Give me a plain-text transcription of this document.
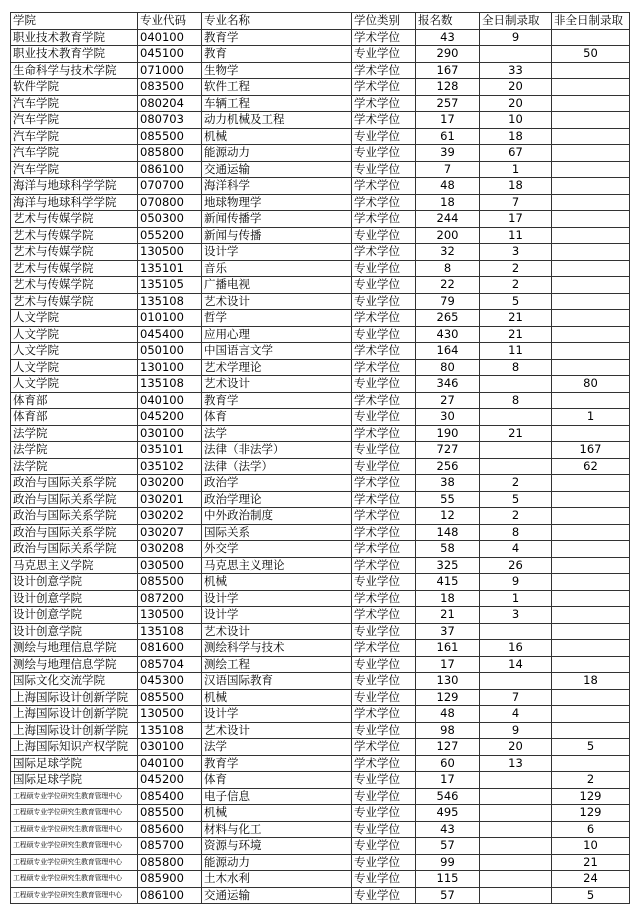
学院	专业代码	专业名称	学位类别	报名数	全日制录取	非全日制录取
职业技术教育学院	040100	教育学	学术学位	43	9	
职业技术教育学院	045100	教育	专业学位	290		50
生命科学与技术学院	071000	生物学	学术学位	167	33	
软件学院	083500	软件工程	学术学位	128	20	
汽车学院	080204	车辆工程	学术学位	257	20	
汽车学院	080703	动力机械及工程	学术学位	17	10	
汽车学院	085500	机械	专业学位	61	18	
汽车学院	085800	能源动力	专业学位	39	67	
汽车学院	086100	交通运输	专业学位	7	1	
海洋与地球科学学院	070700	海洋科学	学术学位	48	18	
海洋与地球科学学院	070800	地球物理学	学术学位	18	7	
艺术与传媒学院	050300	新闻传播学	学术学位	244	17	
艺术与传媒学院	055200	新闻与传播	专业学位	200	11	
艺术与传媒学院	130500	设计学	学术学位	32	3	
艺术与传媒学院	135101	音乐	专业学位	8	2	
艺术与传媒学院	135105	广播电视	专业学位	22	2	
艺术与传媒学院	135108	艺术设计	专业学位	79	5	
人文学院	010100	哲学	学术学位	265	21	
人文学院	045400	应用心理	专业学位	430	21	
人文学院	050100	中国语言文学	学术学位	164	11	
人文学院	130100	艺术学理论	学术学位	80	8	
人文学院	135108	艺术设计	专业学位	346		80
体育部	040100	教育学	学术学位	27	8	
体育部	045200	体育	专业学位	30		1
法学院	030100	法学	学术学位	190	21	
法学院	035101	法律（非法学）	专业学位	727		167
法学院	035102	法律（法学）	专业学位	256		62
政治与国际关系学院	030200	政治学	学术学位	38	2	
政治与国际关系学院	030201	政治学理论	学术学位	55	5	
政治与国际关系学院	030202	中外政治制度	学术学位	12	2	
政治与国际关系学院	030207	国际关系	学术学位	148	8	
政治与国际关系学院	030208	外交学	学术学位	58	4	
马克思主义学院	030500	马克思主义理论	学术学位	325	26	
设计创意学院	085500	机械	专业学位	415	9	
设计创意学院	087200	设计学	学术学位	18	1	
设计创意学院	130500	设计学	学术学位	21	3	
设计创意学院	135108	艺术设计	专业学位	37		
测绘与地理信息学院	081600	测绘科学与技术	学术学位	161	16	
测绘与地理信息学院	085704	测绘工程	专业学位	17	14	
国际文化交流学院	045300	汉语国际教育	专业学位	130		18
上海国际设计创新学院	085500	机械	专业学位	129	7	
上海国际设计创新学院	130500	设计学	学术学位	48	4	
上海国际设计创新学院	135108	艺术设计	专业学位	98	9	
上海国际知识产权学院	030100	法学	学术学位	127	20	5
国际足球学院	040100	教育学	学术学位	60	13	
国际足球学院	045200	体育	专业学位	17		2
工程硕专业学位研究生教育管理中心	085400	电子信息	专业学位	546		129
工程硕专业学位研究生教育管理中心	085500	机械	专业学位	495		129
工程硕专业学位研究生教育管理中心	085600	材料与化工	专业学位	43		6
工程硕专业学位研究生教育管理中心	085700	资源与环境	专业学位	57		10
工程硕专业学位研究生教育管理中心	085800	能源动力	专业学位	99		21
工程硕专业学位研究生教育管理中心	085900	土木水利	专业学位	115		24
工程硕专业学位研究生教育管理中心	086100	交通运输	专业学位	57		5
